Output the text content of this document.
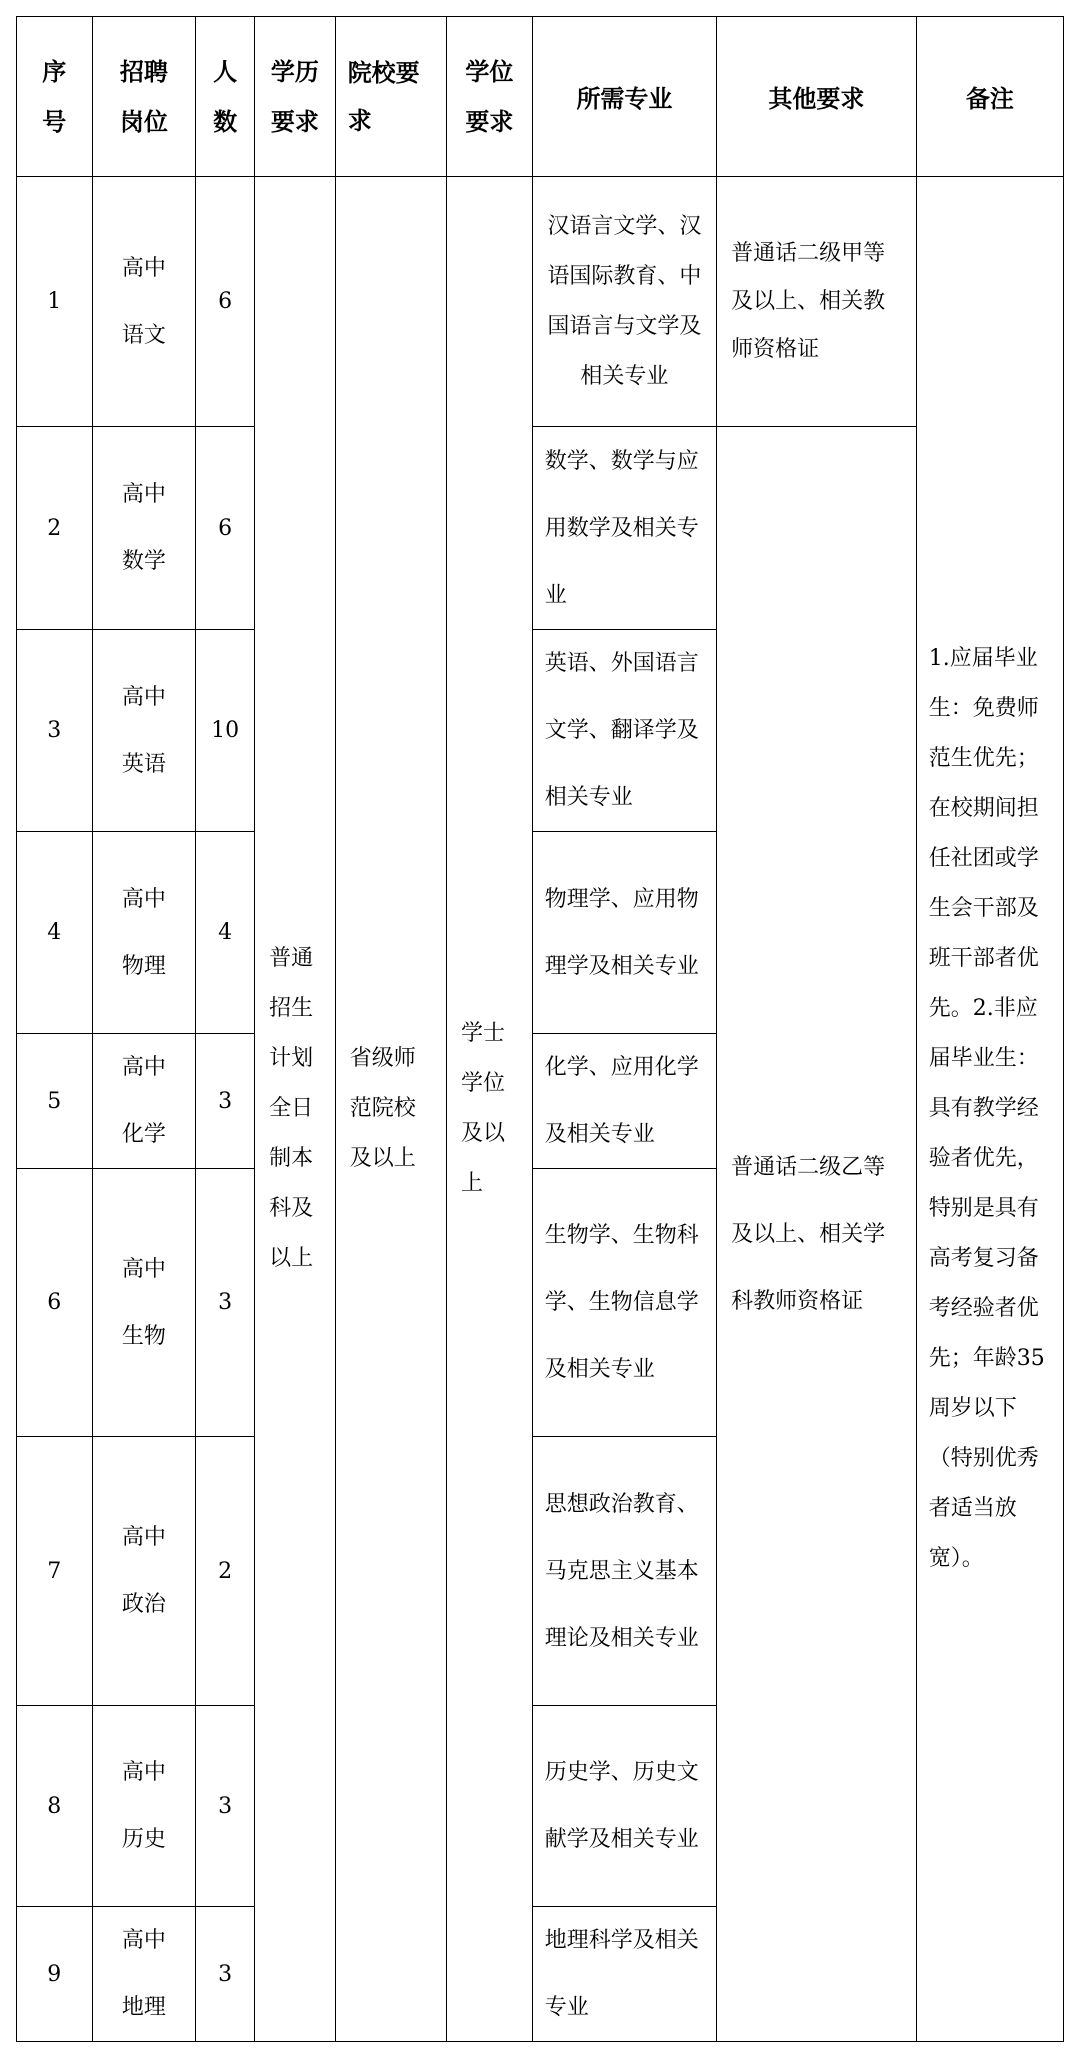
序号	招聘岗位	人数	学历要求	院校要求	学位要求	所需专业	其他要求	备注

1	高中语文	6	普通招生计划全日制本科及以上	省级师范院校及以上	学士学位及以上	汉语言文学、汉语国际教育、中国语言与文学及相关专业	普通话二级甲等及以上、相关教师资格证	1.应届毕业生：免费师范生优先；在校期间担任社团或学生会干部及班干部者优先。2.非应届毕业生：具有教学经验者优先，特别是具有高考复习备考经验者优先；年龄35周岁以下（特别优秀者适当放宽）。

2	高中数学	6				数学、数学与应用数学及相关专业	普通话二级乙等及以上、相关学科教师资格证	

3	高中英语	10				英语、外国语言文学、翻译学及相关专业		

4	高中物理	4				物理学、应用物理学及相关专业		

5	高中化学	3				化学、应用化学及相关专业		

6	高中生物	3				生物学、生物科学、生物信息学及相关专业		

7	高中政治	2				思想政治教育、马克思主义基本理论及相关专业		

8	高中历史	3				历史学、历史文献学及相关专业		

9	高中地理	3				地理科学及相关专业		
